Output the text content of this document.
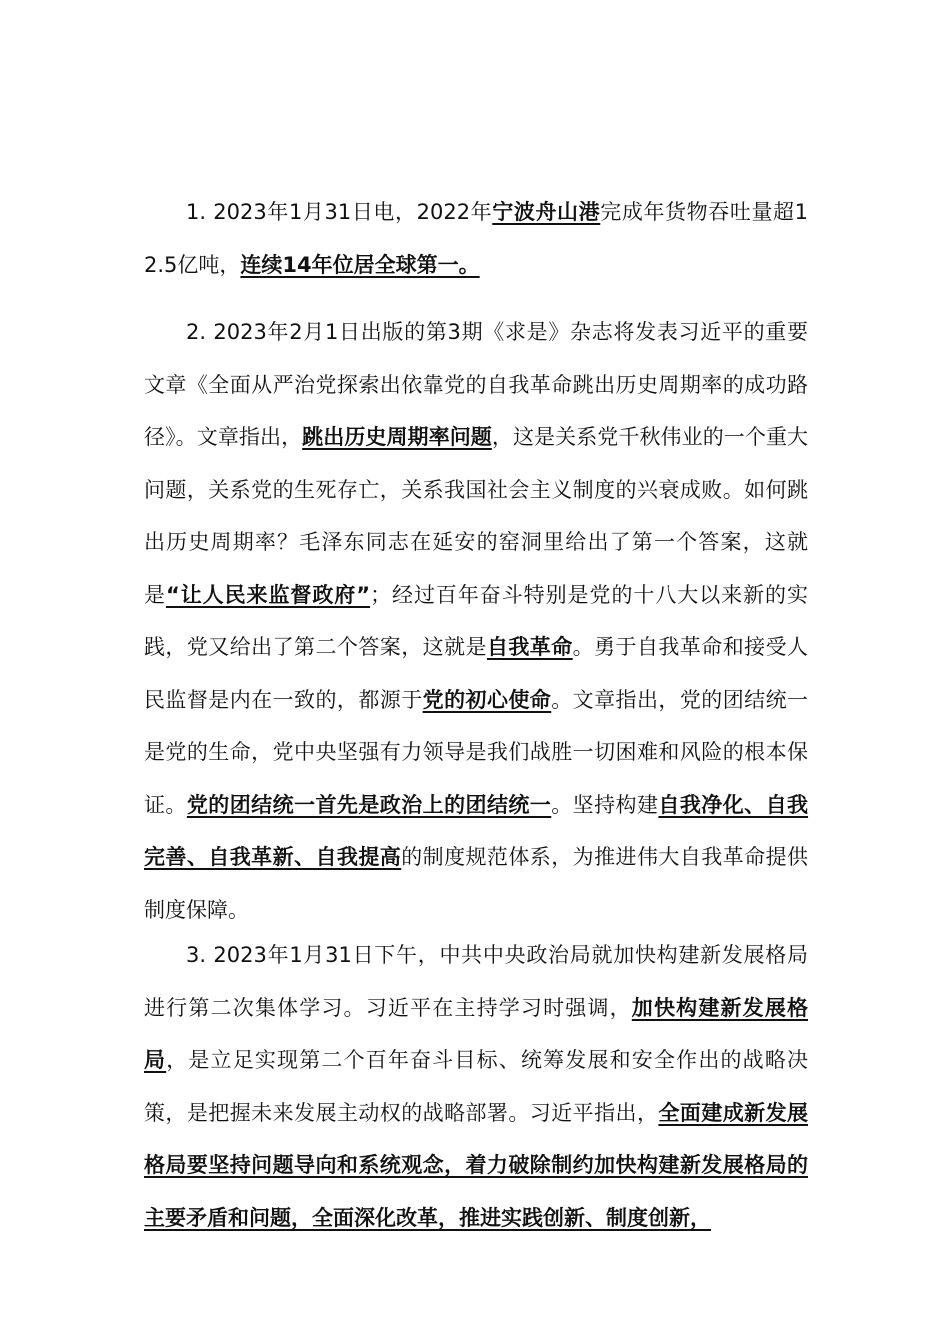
1. 2023年1月31日电，2022年宁波舟山港完成年货物吞吐量超12.5亿吨，连续14年位居全球第一。

2. 2023年2月1日出版的第3期《求是》杂志将发表习近平的重要文章《全面从严治党探索出依靠党的自我革命跳出历史周期率的成功路径》。文章指出，跳出历史周期率问题，这是关系党千秋伟业的一个重大问题，关系党的生死存亡，关系我国社会主义制度的兴衰成败。如何跳出历史周期率？毛泽东同志在延安的窑洞里给出了第一个答案，这就是“让人民来监督政府”；经过百年奋斗特别是党的十八大以来新的实践，党又给出了第二个答案，这就是自我革命。勇于自我革命和接受人民监督是内在一致的，都源于党的初心使命。文章指出，党的团结统一是党的生命，党中央坚强有力领导是我们战胜一切困难和风险的根本保证。党的团结统一首先是政治上的团结统一。坚持构建自我净化、自我完善、自我革新、自我提高的制度规范体系，为推进伟大自我革命提供制度保障。

3. 2023年1月31日下午，中共中央政治局就加快构建新发展格局进行第二次集体学习。习近平在主持学习时强调，加快构建新发展格局，是立足实现第二个百年奋斗目标、统筹发展和安全作出的战略决策，是把握未来发展主动权的战略部署。习近平指出，全面建成新发展格局要坚持问题导向和系统观念，着力破除制约加快构建新发展格局的主要矛盾和问题，全面深化改革，推进实践创新、制度创新，
